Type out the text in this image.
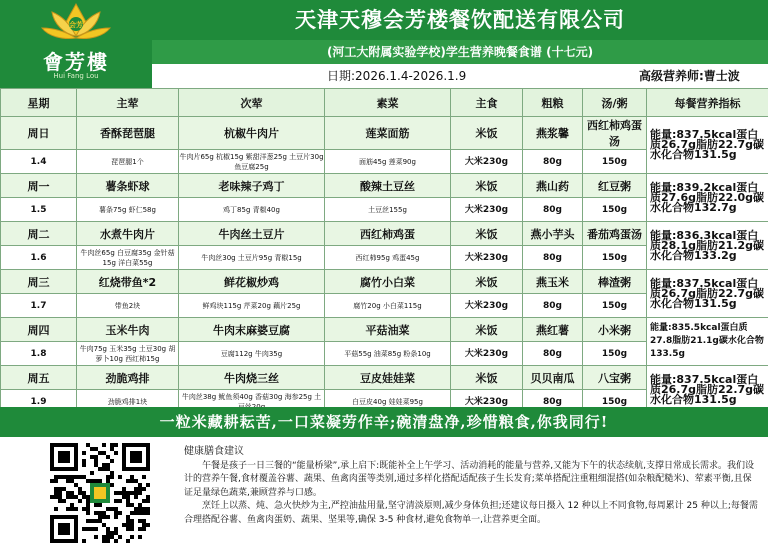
会芳
會芳樓
Hui Fang Lou
天津天穆会芳楼餐饮配送有限公司
(河工大附属实验学校)学生营养晚餐食谱 (十七元)
日期:2026.1.4-2026.1.9	高级营养师:曹士波
星期	主荤	次荤	素菜	主食	粗粮	汤/粥	每餐营养指标
周日	香酥琵琶腿	杭椒牛肉片	莲菜面筋	米饭	燕浆馨	西红柿鸡蛋汤	能量:837.5kcal蛋白质26.7g脂肪22.7g碳水化合物131.5g
1.4	琵琶腿1个	牛肉片65g 杭椒15g 紫甜洋葱25g 土豆片30g 鱼豆腐25g	面筋45g 莲菜90g	大米230g	80g	150g	
周一	薯条虾球	老味辣子鸡丁	酸辣土豆丝	米饭	燕山药	红豆粥	能量:839.2kcal蛋白质27.6g脂肪22.0g碳水化合物132.7g
1.5	薯条75g 虾仁58g	鸡丁85g 青椒40g	土豆丝155g	大米230g	80g	150g	
周二	水煮牛肉片	牛肉丝土豆片	西红柿鸡蛋	米饭	燕小芋头	番茄鸡蛋汤	能量:836.3kcal蛋白质28.1g脂肪21.2g碳水化合物133.2g
1.6	牛肉丝65g 白豆腐35g 金针菇15g 洋白菜55g	牛肉丝30g 土豆片95g 青椒15g	西红柿95g 鸡蛋45g	大米230g	80g	150g	
周三	红烧带鱼*2	鲜花椒炒鸡	腐竹小白菜	米饭	燕玉米	棒渣粥	能量:837.5kcal蛋白质26.7g脂肪22.7g碳水化合物131.5g
1.7	带鱼2块	鲜鸡块115g 芹菜20g 藕片25g	腐竹20g 小白菜115g	大米230g	80g	150g	
周四	玉米牛肉	牛肉末麻婆豆腐	平菇油菜	米饭	燕红薯	小米粥	能量:835.5kcal蛋白质27.8脂肪21.1g碳水化合物133.5g
1.8	牛肉75g 玉米35g 土豆30g 胡萝卜10g 西红柿15g	豆腐112g 牛肉35g	平菇55g 油菜85g 粉条10g	大米230g	80g	150g	
周五	劲脆鸡排	牛肉烧三丝	豆皮娃娃菜	米饭	贝贝南瓜	八宝粥	能量:837.5kcal蛋白质26.7g脂肪22.7g碳水化合物131.5g
1.9	劲脆鸡排1块	牛肉丝38g 鱿鱼须40g 香菇30g 海参25g 土	白豆皮40g 娃娃菜95g	大米230g	80g	150g	
一粒米藏耕耘苦,一口菜凝劳作辛;碗清盘净,珍惜粮食,你我同行!
健康膳食建议

午餐是孩子一日三餐的“能量桥梁”,承上启下:既能补全上午学习、活动消耗的能量与营养,又能为下午的状态续航,支撑日常成长需求。我们设计的营养午餐,食材覆盖谷薯、蔬果、鱼禽肉蛋等类别,通过多样化搭配适配孩子生长发育;菜单搭配注重粗细混搭(如杂粮配糙米)、荤素平衡,且保证足量绿色蔬菜,兼顾营养与口感。

烹饪上以蒸、炖、急火快炒为主,严控油盐用量,坚守清淡原则,减少身体负担;还建议每日摄入 12 种以上不同食物,每周累计 25 种以上;每餐需合理搭配谷薯、鱼禽肉蛋奶、蔬果、坚果等,确保 3-5 种食材,避免食物单一,让营养更全面。
